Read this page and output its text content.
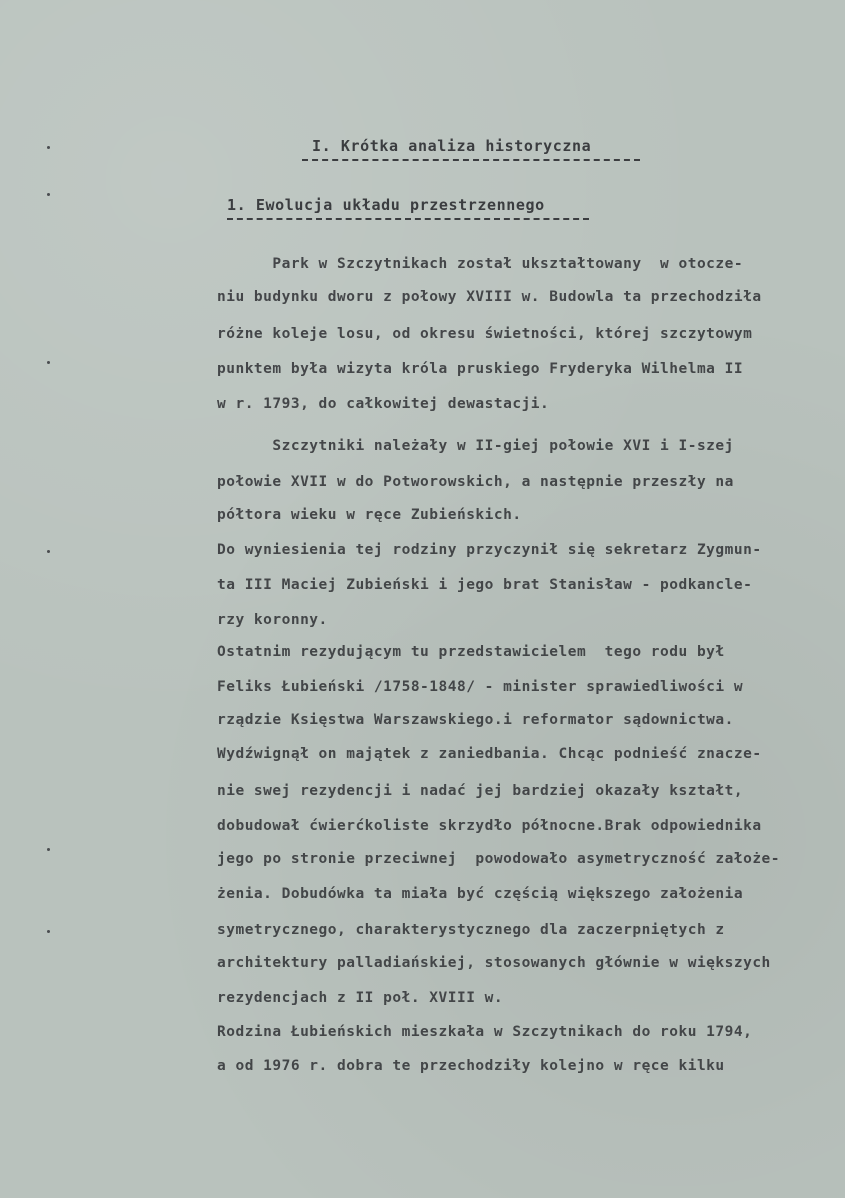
I. Krótka analiza historyczna
1. Ewolucja układu przestrzennego
Park w Szczytnikach został ukształtowany  w otocze-
niu budynku dworu z połowy XVIII w. Budowla ta przechodziła
różne koleje losu, od okresu świetności, której szczytowym
punktem była wizyta króla pruskiego Fryderyka Wilhelma II
w r. 1793, do całkowitej dewastacji.
Szczytniki należały w II-giej połowie XVI i I-szej
połowie XVII w do Potworowskich, a następnie przeszły na
półtora wieku w ręce Zubieńskich.
Do wyniesienia tej rodziny przyczynił się sekretarz Zygmun-
ta III Maciej Zubieński i jego brat Stanisław - podkancle-
rzy koronny.
Ostatnim rezydującym tu przedstawicielem  tego rodu był
Feliks Łubieński /1758-1848/ - minister sprawiedliwości w
rządzie Księstwa Warszawskiego.i reformator sądownictwa.
Wydźwignął on majątek z zaniedbania. Chcąc podnieść znacze-
nie swej rezydencji i nadać jej bardziej okazały kształt,
dobudował ćwierćkoliste skrzydło północne.Brak odpowiednika
jego po stronie przeciwnej  powodowało asymetryczność założe-
żenia. Dobudówka ta miała być częścią większego założenia
symetrycznego, charakterystycznego dla zaczerpniętych z
architektury palladiańskiej, stosowanych głównie w większych
rezydencjach z II poł. XVIII w.
Rodzina Łubieńskich mieszkała w Szczytnikach do roku 1794,
a od 1976 r. dobra te przechodziły kolejno w ręce kilku
